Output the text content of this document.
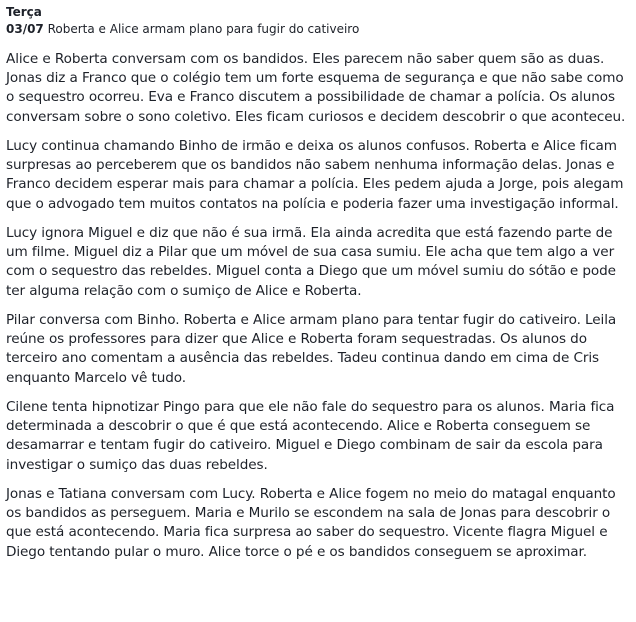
Terça
03/07 Roberta e Alice armam plano para fugir do cativeiro

Alice e Roberta conversam com os bandidos. Eles parecem não saber quem são as duas. Jonas diz a Franco que o colégio tem um forte esquema de segurança e que não sabe como o sequestro ocorreu. Eva e Franco discutem a possibilidade de chamar a polícia. Os alunos conversam sobre o sono coletivo. Eles ficam curiosos e decidem descobrir o que aconteceu.

Lucy continua chamando Binho de irmão e deixa os alunos confusos. Roberta e Alice ficam surpresas ao perceberem que os bandidos não sabem nenhuma informação delas. Jonas e Franco decidem esperar mais para chamar a polícia. Eles pedem ajuda a Jorge, pois alegam que o advogado tem muitos contatos na polícia e poderia fazer uma investigação informal.

Lucy ignora Miguel e diz que não é sua irmã. Ela ainda acredita que está fazendo parte de um filme. Miguel diz a Pilar que um móvel de sua casa sumiu. Ele acha que tem algo a ver com o sequestro das rebeldes. Miguel conta a Diego que um móvel sumiu do sótão e pode ter alguma relação com o sumiço de Alice e Roberta.

Pilar conversa com Binho. Roberta e Alice armam plano para tentar fugir do cativeiro. Leila reúne os professores para dizer que Alice e Roberta foram sequestradas. Os alunos do terceiro ano comentam a ausência das rebeldes. Tadeu continua dando em cima de Cris enquanto Marcelo vê tudo.

Cilene tenta hipnotizar Pingo para que ele não fale do sequestro para os alunos. Maria fica determinada a descobrir o que é que está acontecendo. Alice e Roberta conseguem se desamarrar e tentam fugir do cativeiro. Miguel e Diego combinam de sair da escola para investigar o sumiço das duas rebeldes.

Jonas e Tatiana conversam com Lucy. Roberta e Alice fogem no meio do matagal enquanto os bandidos as perseguem. Maria e Murilo se escondem na sala de Jonas para descobrir o que está acontecendo. Maria fica surpresa ao saber do sequestro. Vicente flagra Miguel e Diego tentando pular o muro. Alice torce o pé e os bandidos conseguem se aproximar.
